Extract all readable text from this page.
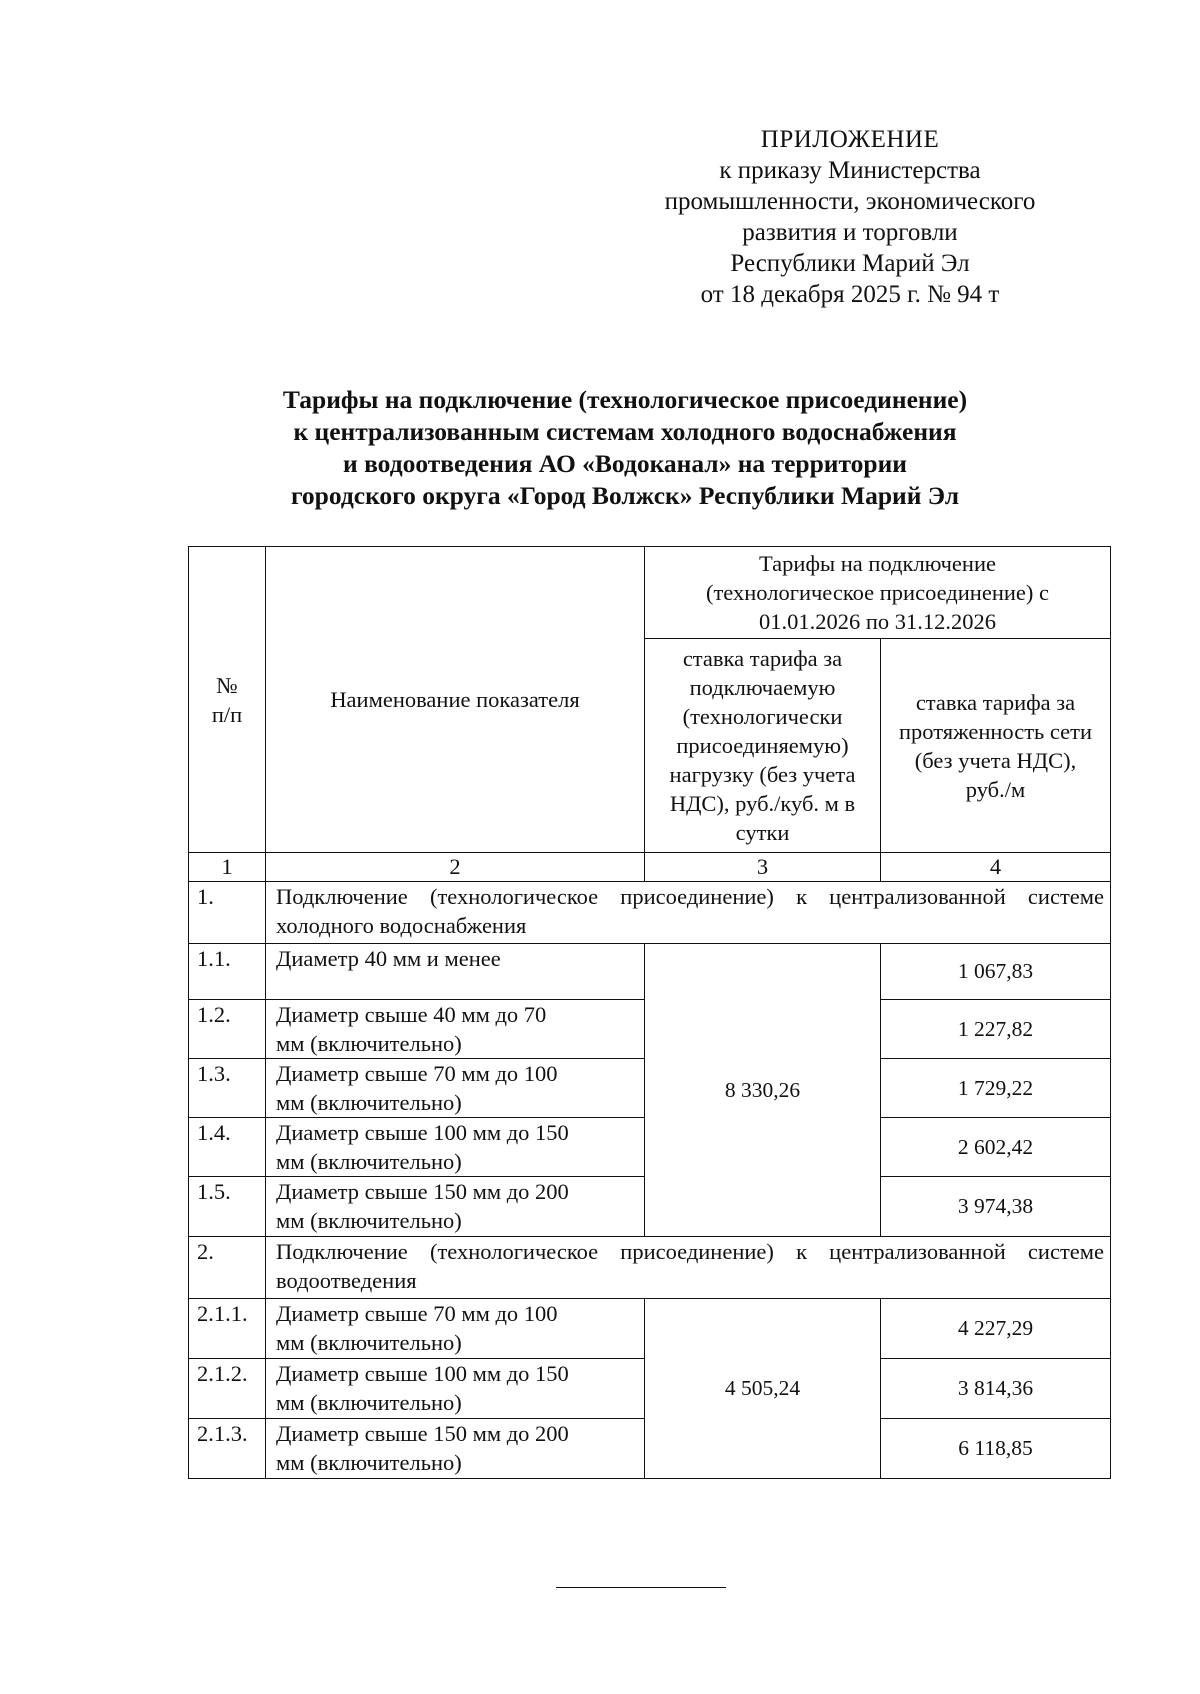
ПРИЛОЖЕНИЕ
к приказу Министерства
промышленности, экономического
развития и торговли
Республики Марий Эл
от 18 декабря 2025 г. № 94 т
Тарифы на подключение (технологическое присоединение)
к централизованным системам холодного водоснабжения
и водоотведения АО «Водоканал» на территории
городского округа «Город Волжск» Республики Марий Эл
№ п/п	Наименование показателя	Тарифы на подключение (технологическое присоединение) с 01.01.2026 по 31.12.2026	

		ставка тарифа за подключаемую (технологически присоединяемую) нагрузку (без учета НДС), руб./куб. м в сутки	ставка тарифа за протяженность сети (без учета НДС), руб./м

1	2	3	4
1.	Подключение (технологическое присоединение) к централизованной системе холодного водоснабжения		
1.1.	Диаметр 40 мм и менее	8 330,26	1 067,83
1.2.	Диаметр свыше 40 мм до 70 мм (включительно)		1 227,82
1.3.	Диаметр свыше 70 мм до 100 мм (включительно)		1 729,22
1.4.	Диаметр свыше 100 мм до 150 мм (включительно)		2 602,42
1.5.	Диаметр свыше 150 мм до 200 мм (включительно)		3 974,38
2.	Подключение (технологическое присоединение) к централизованной системе водоотведения		
2.1.1.	Диаметр свыше 70 мм до 100 мм (включительно)	4 505,24	4 227,29
2.1.2.	Диаметр свыше 100 мм до 150 мм (включительно)		3 814,36
2.1.3.	Диаметр свыше 150 мм до 200 мм (включительно)		6 118,85
